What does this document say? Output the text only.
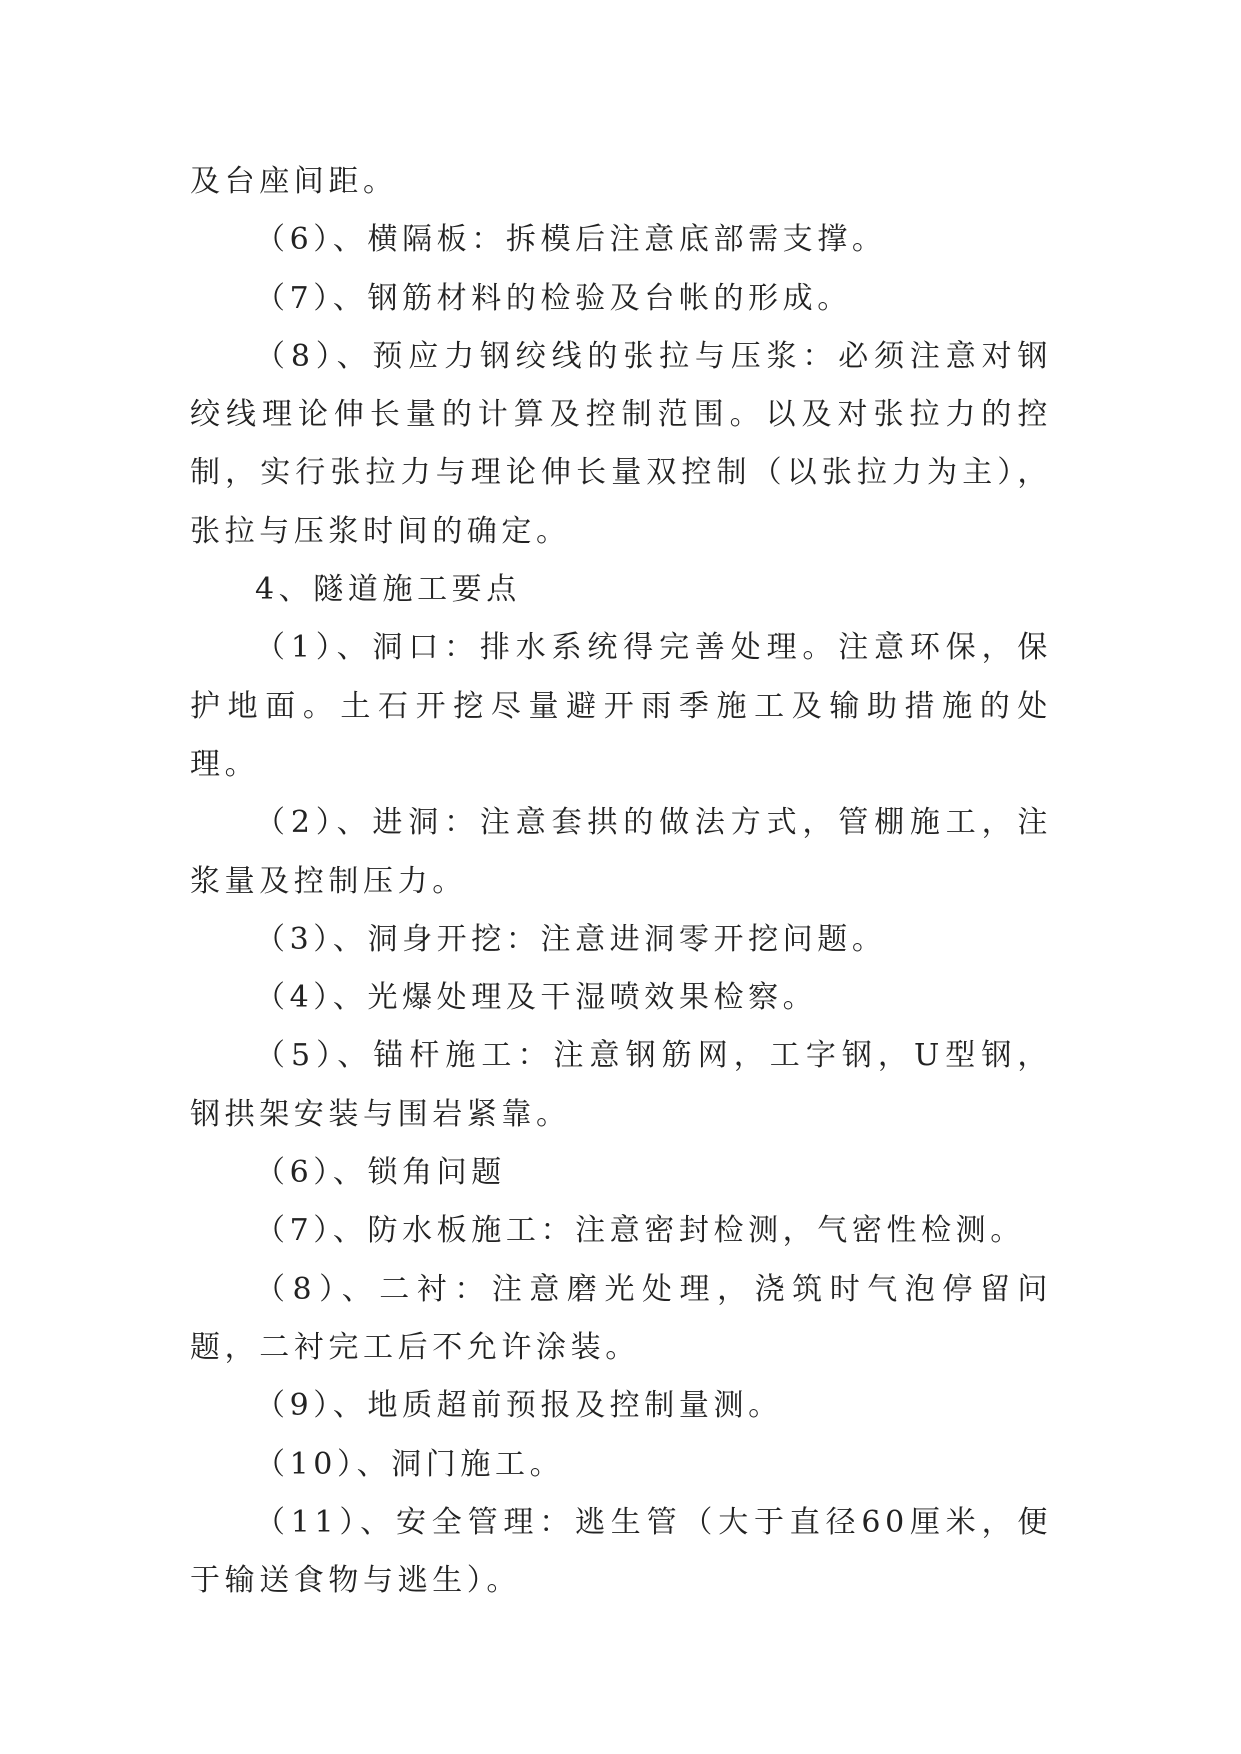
及台座间距。

（6）、横隔板：拆模后注意底部需支撑。

（7）、钢筋材料的检验及台帐的形成。

（8）、预应力钢绞线的张拉与压浆：必须注意对钢绞线理论伸长量的计算及控制范围。以及对张拉力的控制，实行张拉力与理论伸长量双控制（以张拉力为主），张拉与压浆时间的确定。

4、隧道施工要点

（1）、洞口：排水系统得完善处理。注意环保，保护地面。土石开挖尽量避开雨季施工及输助措施的处理。

（2）、进洞：注意套拱的做法方式，管棚施工，注浆量及控制压力。

（3）、洞身开挖：注意进洞零开挖问题。

（4）、光爆处理及干湿喷效果检察。

（5）、锚杆施工：注意钢筋网，工字钢，U型钢，钢拱架安装与围岩紧靠。

（6）、锁角问题

（7）、防水板施工：注意密封检测，气密性检测。

（8）、二衬：注意磨光处理，浇筑时气泡停留问题，二衬完工后不允许涂装。

（9）、地质超前预报及控制量测。

（10）、洞门施工。

（11）、安全管理：逃生管（大于直径60厘米，便于输送食物与逃生）。
